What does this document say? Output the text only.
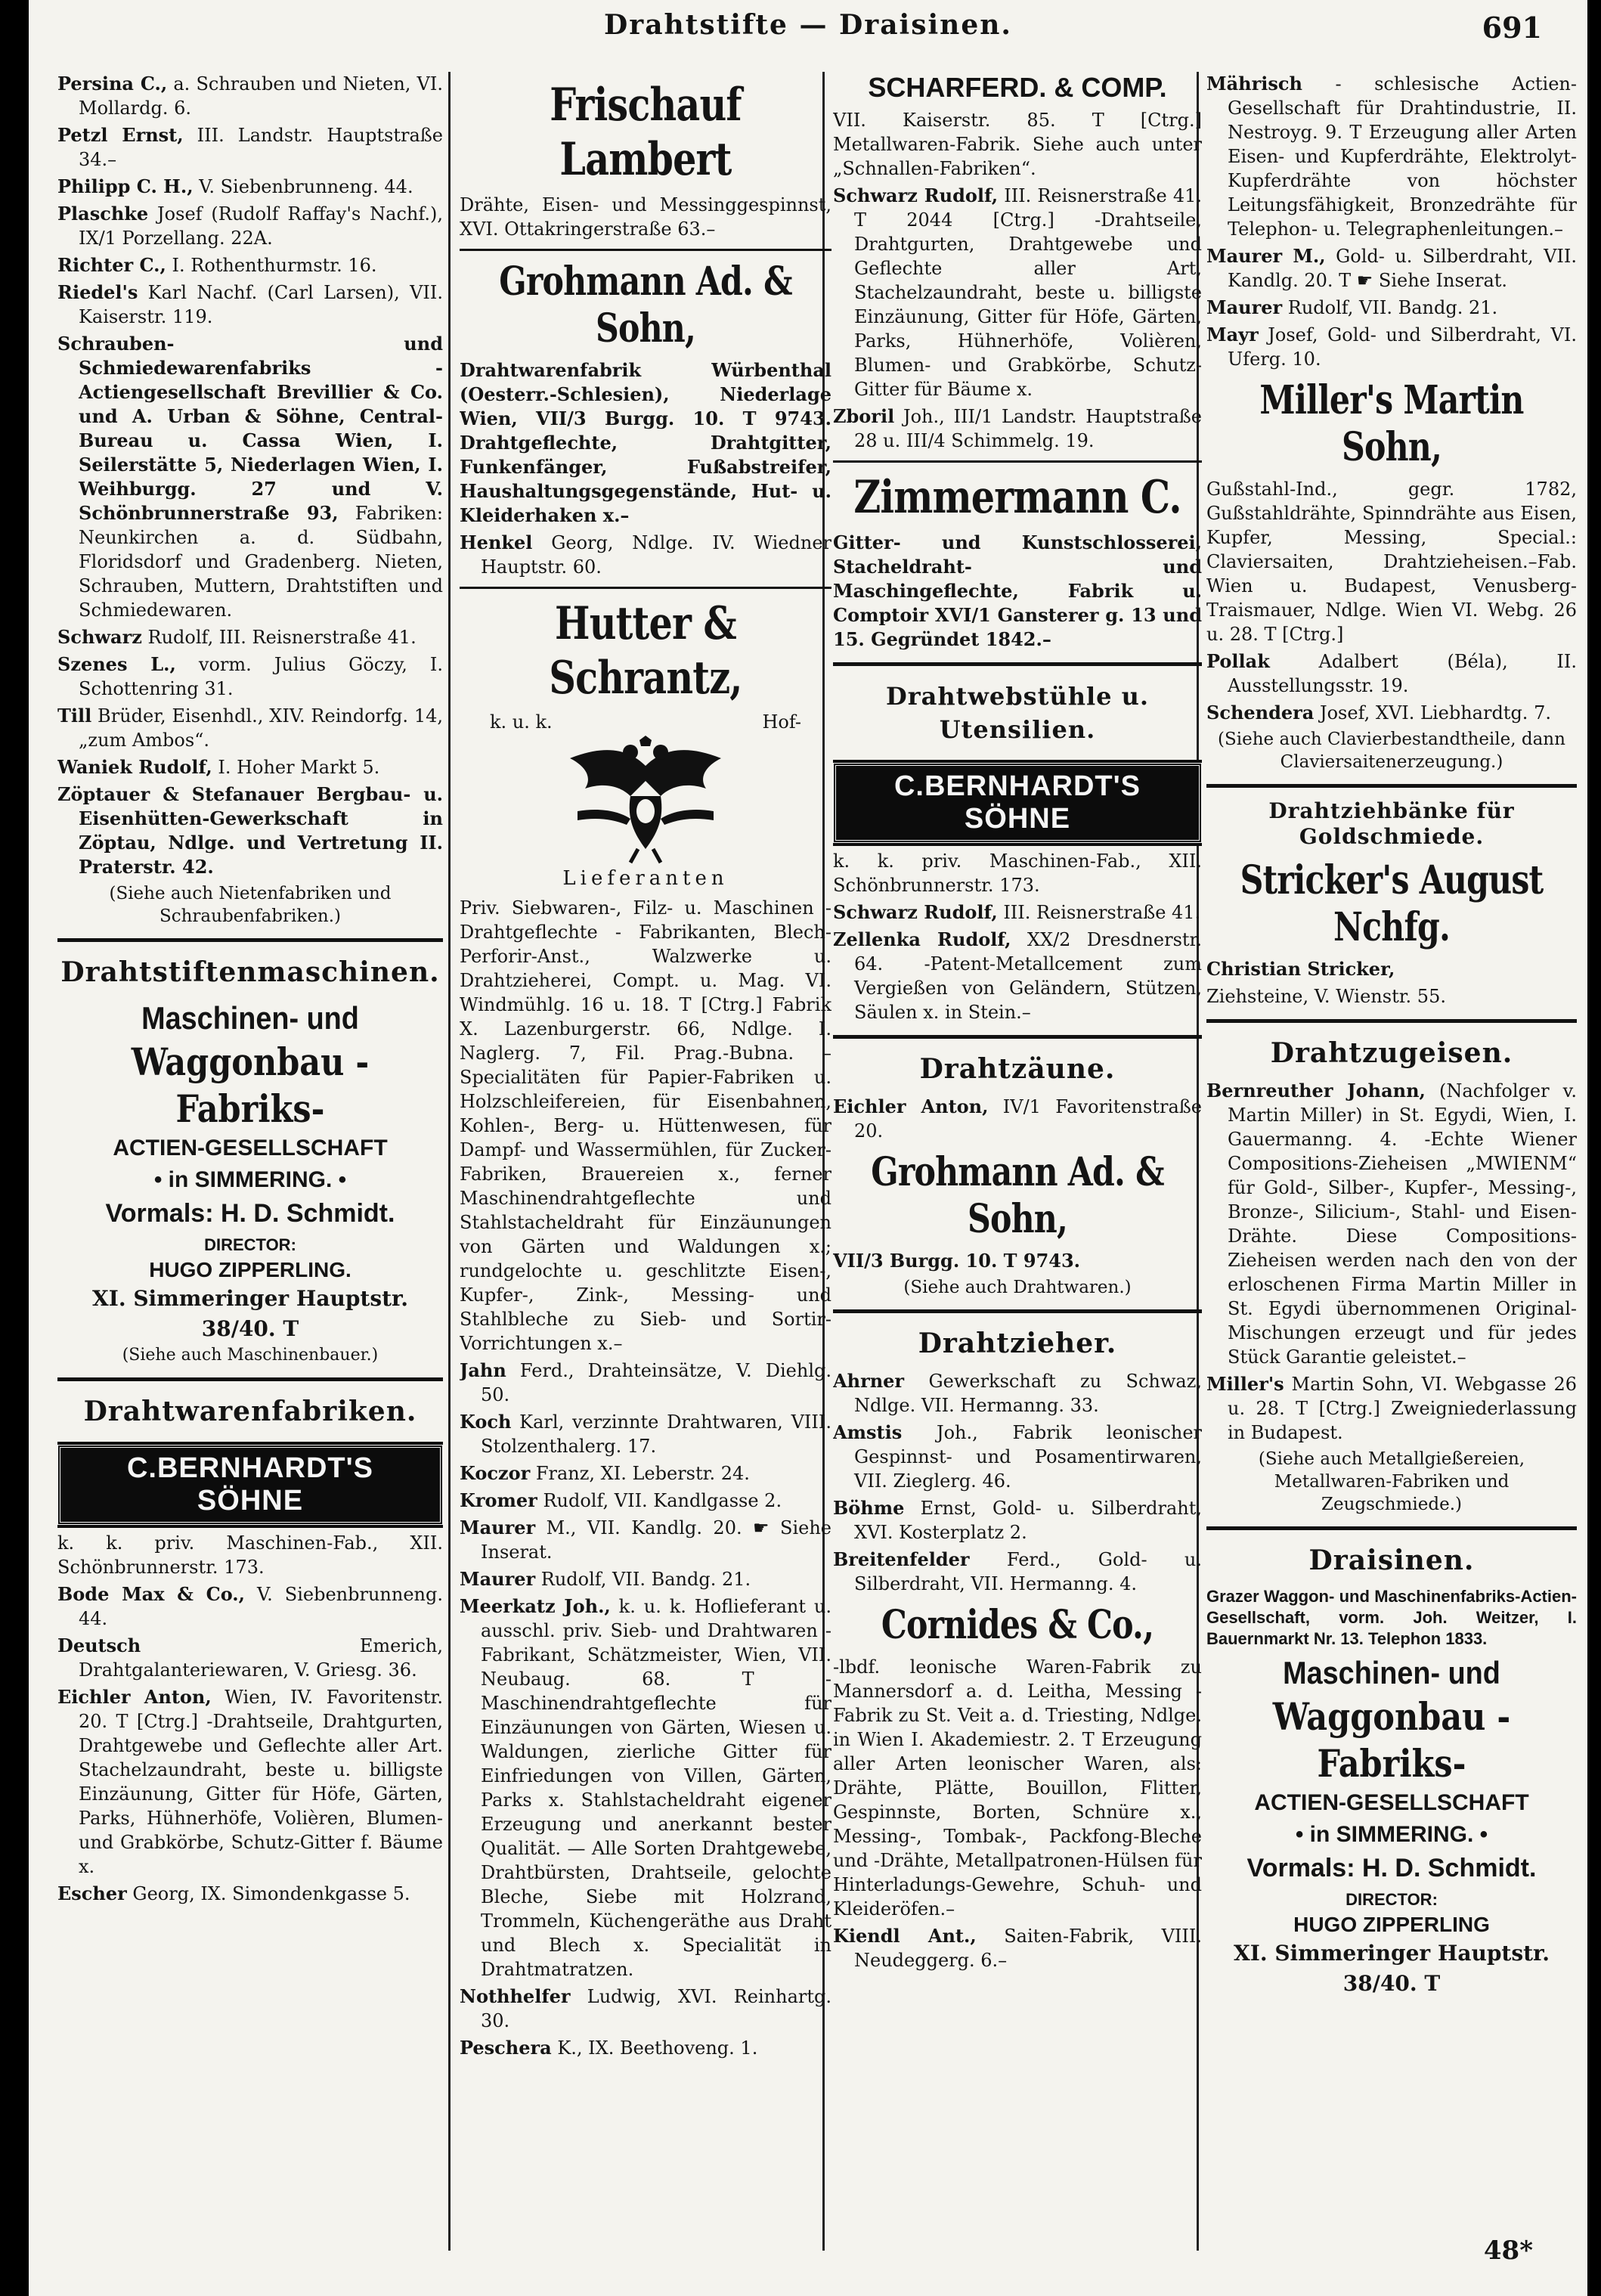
Drahtstifte — Draisinen.	691

Persina C., a. Schrauben und Nieten, VI. Mollardg. 6.

Petzl Ernst, III. Landstr. Hauptstraße 34.–

Philipp C. H., V. Siebenbrunneng. 44.

Plaschke Josef (Rudolf Raffay's Nachf.), IX/1 Porzellang. 22A.

Richter C., I. Rothenthurmstr. 16.

Riedel's Karl Nachf. (Carl Larsen), VII. Kaiserstr. 119.

Schrauben- und Schmiedewarenfabriks - Actiengesellschaft Brevillier & Co. und A. Urban & Söhne, Central-Bureau u. Cassa Wien, I. Seilerstätte 5, Niederlagen Wien, I. Weihburgg. 27 und V. Schönbrunnerstraße 93, Fabriken: Neunkirchen a. d. Südbahn, Floridsdorf und Gradenberg. Nieten, Schrauben, Muttern, Drahtstiften und Schmiedewaren.

Schwarz Rudolf, III. Reisnerstraße 41.

Szenes L., vorm. Julius Göczy, I. Schottenring 31.

Till Brüder, Eisenhdl., XIV. Reindorfg. 14, „zum Ambos“.

Waniek Rudolf, I. Hoher Markt 5.

Zöptauer & Stefanauer Bergbau- u. Eisenhütten-Gewerkschaft in Zöptau, Ndlge. und Vertretung II. Praterstr. 42.

(Siehe auch Nietenfabriken und Schraubenfabriken.)

Drahtstiftenmaschinen.
Maschinen- und
Waggonbau - Fabriks-
ACTIEN-GESELLSCHAFT
• in SIMMERING. •
Vormals: H. D. Schmidt.
DIRECTOR:
HUGO ZIPPERLING.
XI. Simmeringer Hauptstr. 38/40. T
(Siehe auch Maschinenbauer.)
Drahtwarenfabriken.
C.BERNHARDT'S SÖHNE

k. k. priv. Maschinen-Fab., XII. Schönbrunnerstr. 173.

Bode Max & Co., V. Siebenbrunneng. 44.

Deutsch Emerich, Drahtgalanteriewaren, V. Griesg. 36.

Eichler Anton, Wien, IV. Favoritenstr. 20. T [Ctrg.] -Drahtseile, Drahtgurten, Drahtgewebe und Geflechte aller Art. Stachelzaundraht, beste u. billigste Einzäunung, Gitter für Höfe, Gärten, Parks, Hühnerhöfe, Volièren, Blumen- und Grabkörbe, Schutz-Gitter f. Bäume x.

Escher Georg, IX. Simondenkgasse 5.

Frischauf Lambert

Drähte, Eisen- und Messinggespinnst, XVI. Ottakringerstraße 63.–

Grohmann Ad. & Sohn,

Drahtwarenfabrik Würbenthal (Oesterr.-Schlesien), Niederlage Wien, VII/3 Burgg. 10. T 9743. Drahtgeflechte, Drahtgitter, Funkenfänger, Fußabstreifer, Haushaltungsgegenstände, Hut- u. Kleiderhaken x.–

Henkel Georg, Ndlge. IV. Wiedner Hauptstr. 60.

Hutter & Schrantz,
k. u. k.	Hof-
Lieferanten

Priv. Siebwaren-, Filz- u. Maschinen - Drahtgeflechte - Fabrikanten, Blech-Perforir-Anst., Walzwerke u. Drahtzieherei, Compt. u. Mag. VI. Windmühlg. 16 u. 18. T [Ctrg.] Fabrik X. Lazenburgerstr. 66, Ndlge. I. Naglerg. 7, Fil. Prag.-Bubna. –Specialitäten für Papier-Fabriken u. Holzschleifereien, für Eisenbahnen, Kohlen-, Berg- u. Hüttenwesen, für Dampf- und Wassermühlen, für Zucker-Fabriken, Brauereien x., ferner Maschinendrahtgeflechte und Stahlstacheldraht für Einzäunungen von Gärten und Waldungen x.; rundgelochte u. geschlitzte Eisen-, Kupfer-, Zink-, Messing- und Stahlbleche zu Sieb- und Sortir-Vorrichtungen x.–

Jahn Ferd., Drahteinsätze, V. Diehlg. 50.

Koch Karl, verzinnte Drahtwaren, VIII. Stolzenthalerg. 17.

Koczor Franz, XI. Leberstr. 24.

Kromer Rudolf, VII. Kandlgasse 2.

Maurer M., VII. Kandlg. 20. ☛ Siehe Inserat.

Maurer Rudolf, VII. Bandg. 21.

Meerkatz Joh., k. u. k. Hoflieferant u. ausschl. priv. Sieb- und Drahtwaren - Fabrikant, Schätzmeister, Wien, VII. Neubaug. 68. T -Maschinendrahtgeflechte für Einzäunungen von Gärten, Wiesen u. Waldungen, zierliche Gitter für Einfriedungen von Villen, Gärten, Parks x. Stahlstacheldraht eigener Erzeugung und anerkannt bester Qualität. — Alle Sorten Drahtgewebe, Drahtbürsten, Drahtseile, gelochte Bleche, Siebe mit Holzrand, Trommeln, Küchengeräthe aus Draht und Blech x. Specialität in Drahtmatratzen.

Nothhelfer Ludwig, XVI. Reinhartg. 30.

Peschera K., IX. Beethoveng. 1.

SCHARFERD. & COMP.

VII. Kaiserstr. 85. T [Ctrg.] Metallwaren-Fabrik. Siehe auch unter „Schnallen-Fabriken“.

Schwarz Rudolf, III. Reisnerstraße 41. T 2044 [Ctrg.] -Drahtseile, Drahtgurten, Drahtgewebe und Geflechte aller Art, Stachelzaundraht, beste u. billigste Einzäunung, Gitter für Höfe, Gärten, Parks, Hühnerhöfe, Volièren, Blumen- und Grabkörbe, Schutz-Gitter für Bäume x.

Zboril Joh., III/1 Landstr. Hauptstraße 28 u. III/4 Schimmelg. 19.

Zimmermann C.

Gitter- und Kunstschlosserei, Stacheldraht- und Maschingeflechte, Fabrik u. Comptoir XVI/1 Gansterer g. 13 und 15. Gegründet 1842.–

Drahtwebstühle u. Utensilien.
C.BERNHARDT'S SÖHNE

k. k. priv. Maschinen-Fab., XII. Schönbrunnerstr. 173.

Schwarz Rudolf, III. Reisnerstraße 41.

Zellenka Rudolf, XX/2 Dresdnerstr. 64. -Patent-Metallcement zum Vergießen von Geländern, Stützen, Säulen x. in Stein.–

Drahtzäune.

Eichler Anton, IV/1 Favoritenstraße 20.

Grohmann Ad. & Sohn,

VII/3 Burgg. 10. T 9743.

(Siehe auch Drahtwaren.)

Drahtzieher.

Ahrner Gewerkschaft zu Schwaz, Ndlge. VII. Hermanng. 33.

Amstis Joh., Fabrik leonischer Gespinnst- und Posamentirwaren, VII. Zieglerg. 46.

Böhme Ernst, Gold- u. Silberdraht, XVI. Kosterplatz 2.

Breitenfelder Ferd., Gold- u. Silberdraht, VII. Hermanng. 4.

Cornides & Co.,

-lbdf. leonische Waren-Fabrik zu Mannersdorf a. d. Leitha, Messing - Fabrik zu St. Veit a. d. Triesting, Ndlge. in Wien I. Akademiestr. 2. T Erzeugung aller Arten leonischer Waren, als: Drähte, Plätte, Bouillon, Flitter, Gespinnste, Borten, Schnüre x., Messing-, Tombak-, Packfong-Bleche und -Drähte, Metallpatronen-Hülsen für Hinterladungs-Gewehre, Schuh- und Kleideröfen.–

Kiendl Ant., Saiten-Fabrik, VIII. Neudeggerg. 6.–

Mährisch - schlesische Actien-Gesellschaft für Drahtindustrie, II. Nestroyg. 9. T Erzeugung aller Arten Eisen- und Kupferdrähte, Elektrolyt-Kupferdrähte von höchster Leitungsfähigkeit, Bronzedrähte für Telephon- u. Telegraphenleitungen.–

Maurer M., Gold- u. Silberdraht, VII. Kandlg. 20. T ☛ Siehe Inserat.

Maurer Rudolf, VII. Bandg. 21.

Mayr Josef, Gold- und Silberdraht, VI. Uferg. 10.

Miller's Martin Sohn,

Gußstahl-Ind., gegr. 1782, Gußstahldrähte, Spinndrähte aus Eisen, Kupfer, Messing, Special.: Claviersaiten, Drahtzieheisen.–Fab. Wien u. Budapest, Venusberg-Traismauer, Ndlge. Wien VI. Webg. 26 u. 28. T [Ctrg.]

Pollak Adalbert (Béla), II. Ausstellungsstr. 19.

Schendera Josef, XVI. Liebhardtg. 7.

(Siehe auch Clavierbestandtheile, dann Claviersaitenerzeugung.)

Drahtziehbänke für Goldschmiede.
Stricker's August Nchfg.

Christian Stricker,

Ziehsteine, V. Wienstr. 55.

Drahtzugeisen.

Bernreuther Johann, (Nachfolger v. Martin Miller) in St. Egydi, Wien, I. Gauermanng. 4. -Echte Wiener Compositions-Zieheisen „MWIENM“ für Gold-, Silber-, Kupfer-, Messing-, Bronze-, Silicium-, Stahl- und Eisen-Drähte. Diese Compositions-Zieheisen werden nach den von der erloschenen Firma Martin Miller in St. Egydi übernommenen Original-Mischungen erzeugt und für jedes Stück Garantie geleistet.–

Miller's Martin Sohn, VI. Webgasse 26 u. 28. T [Ctrg.] Zweigniederlassung in Budapest.

(Siehe auch Metallgießereien, Metallwaren-Fabriken und Zeugschmiede.)

Draisinen.

Grazer Waggon- und Maschinenfabriks-Actien-Gesellschaft, vorm. Joh. Weitzer, I. Bauernmarkt Nr. 13. Telephon 1833.

Maschinen- und
Waggonbau - Fabriks-
ACTIEN-GESELLSCHAFT
• in SIMMERING. •
Vormals: H. D. Schmidt.
DIRECTOR:
HUGO ZIPPERLING
XI. Simmeringer Hauptstr. 38/40. T
48*
